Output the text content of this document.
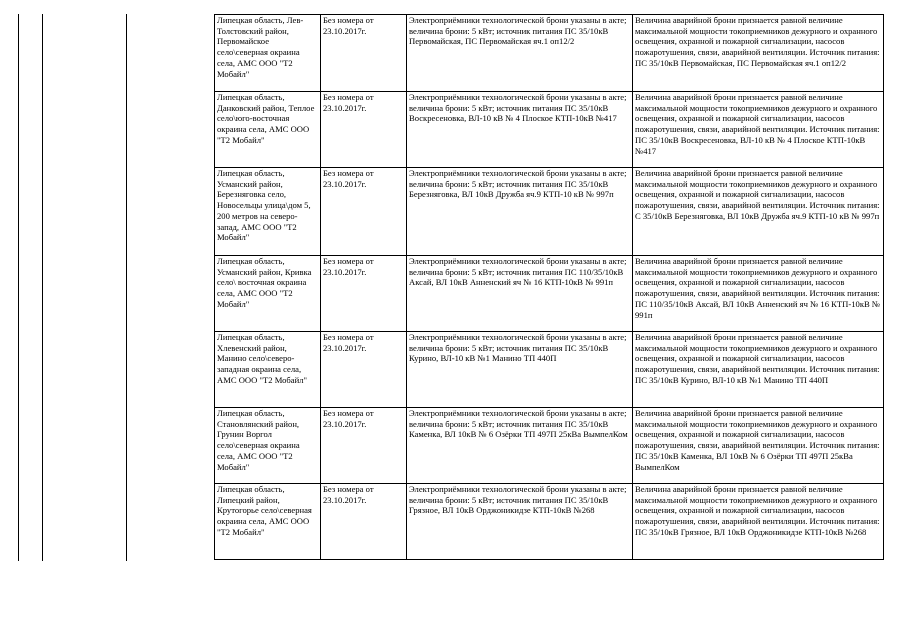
Липецкая область, Лев-Толстовский район, Первомайское село\северная окраина села, АМС ООО "Т2 Мобайл"	Без номера от 23.10.2017г.	Электроприёмники технологической брони указаны в акте; величина брони: 5 кВт; источник питания ПС 35/10кВ Первомайская, ПС Первомайская яч.1 оп12/2	Величина аварийной брони признается равной величине максимальной мощности токоприемников дежурного и охранного освещения, охранной и пожарной сигнализации, насосов пожаротушения, связи, аварийной вентиляции. Источник питания: ПС 35/10кВ Первомайская, ПС Первомайская яч.1 оп12/2
Липецкая область, Данковский район, Теплое село\юго-восточная окраина села, АМС ООО "Т2 Мобайл"	Без номера от 23.10.2017г.	Электроприёмники технологической брони указаны в акте; величина брони: 5 кВт; источник питания ПС 35/10кВ Воскресеновка, ВЛ-10 кВ № 4 Плоское КТП-10кВ №417	Величина аварийной брони признается равной величине максимальной мощности токоприемников дежурного и охранного освещения, охранной и пожарной сигнализации, насосов пожаротушения, связи, аварийной вентиляции. Источник питания: ПС 35/10кВ Воскресеновка, ВЛ-10 кВ № 4 Плоское КТП-10кВ №417
Липецкая область, Усманский район, Березняговка село, Новосельцы улица\дом 5, 200 метров на северо-запад, АМС ООО "Т2 Мобайл"	Без номера от 23.10.2017г.	Электроприёмники технологической брони указаны в акте; величина брони: 5 кВт; источник питания ПС 35/10кВ Березняговка, ВЛ 10кВ Дружба яч.9 КТП-10 кВ № 997п	Величина аварийной брони признается равной величине максимальной мощности токоприемников дежурного и охранного освещения, охранной и пожарной сигнализации, насосов пожаротушения, связи, аварийной вентиляции. Источник питания: С 35/10кВ Березняговка, ВЛ 10кВ Дружба яч.9 КТП-10 кВ № 997п
Липецкая область, Усманский район, Кривка село\ восточная окраина села, АМС ООО "Т2 Мобайл"	Без номера от 23.10.2017г.	Электроприёмники технологической брони указаны в акте; величина брони: 5 кВт; источник питания ПС 110/35/10кВ Аксай, ВЛ 10кВ Анненский яч № 16 КТП-10кВ № 991п	Величина аварийной брони признается равной величине максимальной мощности токоприемников дежурного и охранного освещения, охранной и пожарной сигнализации, насосов пожаротушения, связи, аварийной вентиляции. Источник питания: ПС 110/35/10кВ Аксай, ВЛ 10кВ Анненский яч № 16 КТП-10кВ № 991п
Липецкая область, Хлевенский район, Манино село\северо-западная окраина села, АМС ООО "Т2 Мобайл"	Без номера от 23.10.2017г.	Электроприёмники технологической брони указаны в акте; величина брони: 5 кВт; источник питания ПС 35/10кВ Курино, ВЛ-10 кВ №1 Манино ТП 440П	Величина аварийной брони признается равной величине максимальной мощности токоприемников дежурного и охранного освещения, охранной и пожарной сигнализации, насосов пожаротушения, связи, аварийной вентиляции. Источник питания: ПС 35/10кВ Курино, ВЛ-10 кВ №1 Манино ТП 440П
Липецкая область, Становлянский район, Грунин Воргол село\северная окраина села, АМС ООО "Т2 Мобайл"	Без номера от 23.10.2017г.	Электроприёмники технологической брони указаны в акте; величина брони: 5 кВт; источник питания ПС 35/10кВ Каменка, ВЛ 10кВ № 6 Озёрки ТП 497П 25кВа ВымпелКом	Величина аварийной брони признается равной величине максимальной мощности токоприемников дежурного и охранного освещения, охранной и пожарной сигнализации, насосов пожаротушения, связи, аварийной вентиляции. Источник питания: ПС 35/10кВ Каменка, ВЛ 10кВ № 6 Озёрки ТП 497П 25кВа ВымпелКом
Липецкая область, Липецкий район, Крутогорье село\северная окраина села, АМС ООО "Т2 Мобайл"	Без номера от 23.10.2017г.	Электроприёмники технологической брони указаны в акте; величина брони: 5 кВт; источник питания ПС 35/10кВ Грязное, ВЛ 10кВ Орджоникидзе КТП-10кВ №268	Величина аварийной брони признается равной величине максимальной мощности токоприемников дежурного и охранного освещения, охранной и пожарной сигнализации, насосов пожаротушения, связи, аварийной вентиляции. Источник питания: ПС 35/10кВ Грязное, ВЛ 10кВ Орджоникидзе КТП-10кВ №268
